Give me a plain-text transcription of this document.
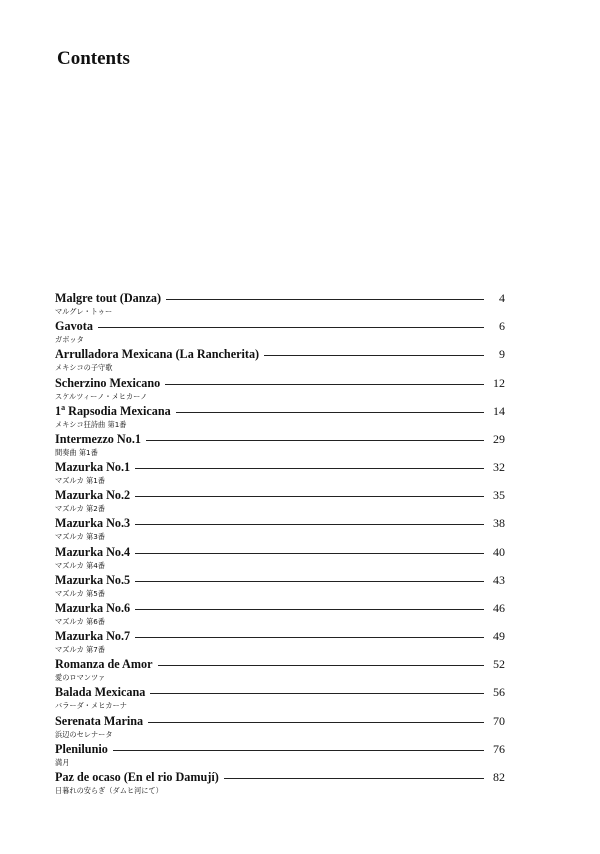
Contents
Malgre tout (Danza)	4
マルグレ・トゥー
Gavota	6
ガボッタ
Arrulladora Mexicana (La Rancherita)	9
メキシコの子守歌
Scherzino Mexicano	12
スケルツィーノ・メヒカーノ
1$^a$ Rapsodia Mexicana	14
メキシコ狂詩曲 第1番
Intermezzo No.1	29
間奏曲 第1番
Mazurka No.1	32
マズルカ 第1番
Mazurka No.2	35
マズルカ 第2番
Mazurka No.3	38
マズルカ 第3番
Mazurka No.4	40
マズルカ 第4番
Mazurka No.5	43
マズルカ 第5番
Mazurka No.6	46
マズルカ 第6番
Mazurka No.7	49
マズルカ 第7番
Romanza de Amor	52
愛のロマンツァ
Balada Mexicana	56
バラーダ・メヒカーナ
Serenata Marina	70
浜辺のセレナータ
Plenilunio	76
満月
Paz de ocaso (En el rio Damují)	82
日暮れの安らぎ（ダムヒ河にて）
